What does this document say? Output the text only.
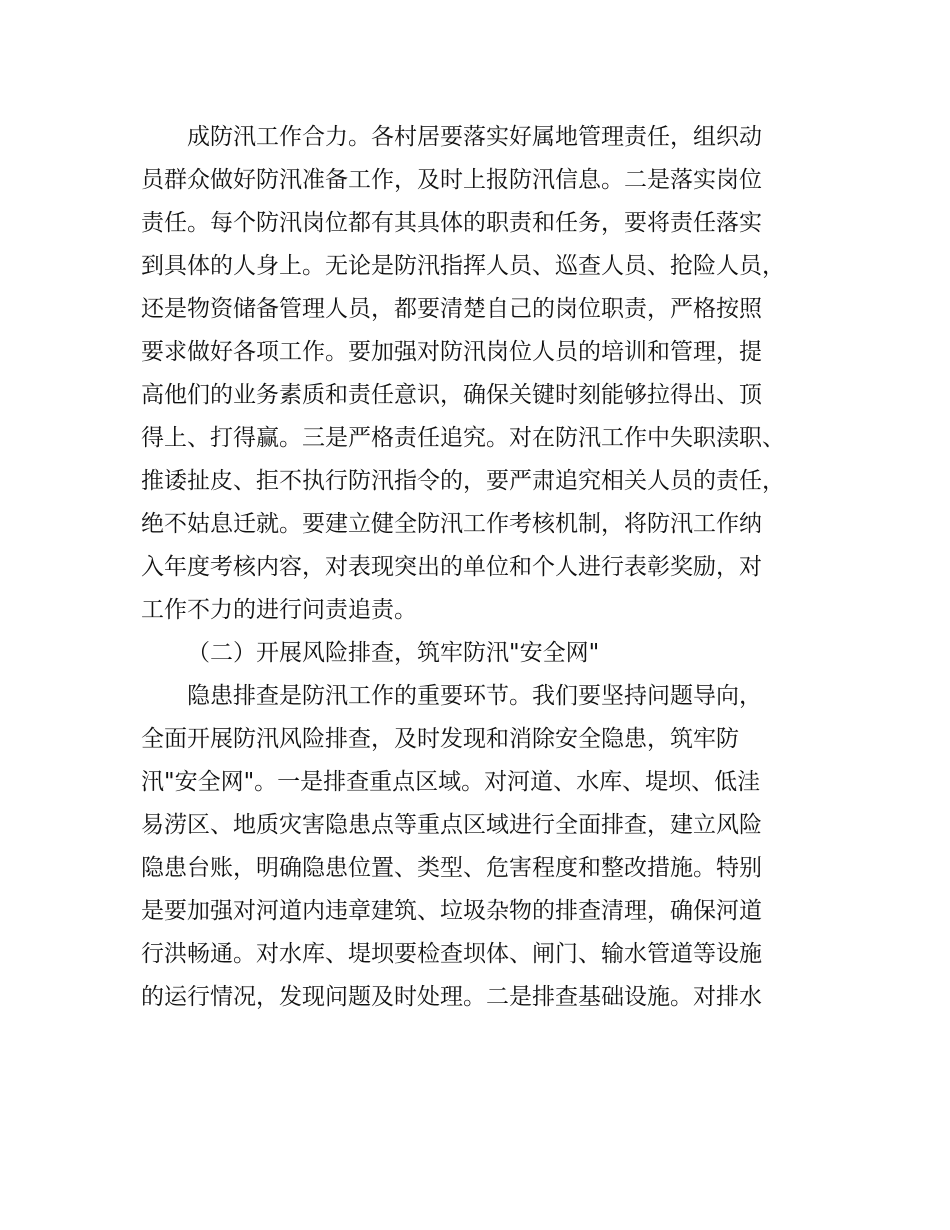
成防汛工作合力。各村居要落实好属地管理责任，组织动
员群众做好防汛准备工作，及时上报防汛信息。二是落实岗位
责任。每个防汛岗位都有其具体的职责和任务，要将责任落实
到具体的人身上。无论是防汛指挥人员、巡查人员、抢险人员，
还是物资储备管理人员，都要清楚自己的岗位职责，严格按照
要求做好各项工作。要加强对防汛岗位人员的培训和管理，提
高他们的业务素质和责任意识，确保关键时刻能够拉得出、顶
得上、打得赢。三是严格责任追究。对在防汛工作中失职渎职、
推诿扯皮、拒不执行防汛指令的，要严肃追究相关人员的责任，
绝不姑息迁就。要建立健全防汛工作考核机制，将防汛工作纳
入年度考核内容，对表现突出的单位和个人进行表彰奖励，对
工作不力的进行问责追责。
（二）开展风险排查，筑牢防汛"安全网"
隐患排查是防汛工作的重要环节。我们要坚持问题导向，
全面开展防汛风险排查，及时发现和消除安全隐患，筑牢防
汛"安全网"。一是排查重点区域。对河道、水库、堤坝、低洼
易涝区、地质灾害隐患点等重点区域进行全面排查，建立风险
隐患台账，明确隐患位置、类型、危害程度和整改措施。特别
是要加强对河道内违章建筑、垃圾杂物的排查清理，确保河道
行洪畅通。对水库、堤坝要检查坝体、闸门、输水管道等设施
的运行情况，发现问题及时处理。二是排查基础设施。对排水
